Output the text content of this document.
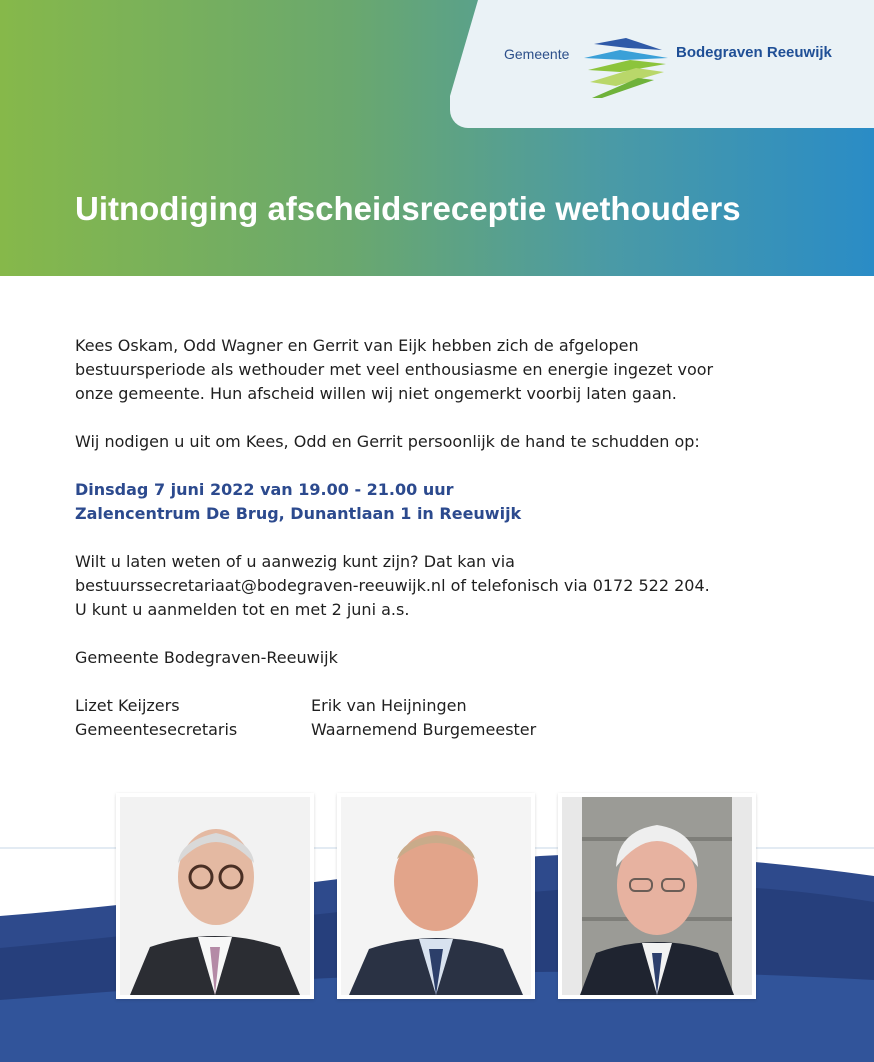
Gemeente	Bodegraven Reeuwijk
Uitnodiging afscheidsreceptie wethouders

Kees Oskam, Odd Wagner en Gerrit van Eijk hebben zich de afgelopen bestuursperiode als wethouder met veel enthousiasme en energie ingezet voor onze gemeente. Hun afscheid willen wij niet ongemerkt voorbij laten gaan.

Wij nodigen u uit om Kees, Odd en Gerrit persoonlijk de hand te schudden op:

Dinsdag 7 juni 2022 van 19.00 - 21.00 uur
Zalencentrum De Brug, Dunantlaan 1 in Reeuwijk

Wilt u laten weten of u aanwezig kunt zijn? Dat kan via
bestuurssecretariaat@bodegraven-reeuwijk.nl of telefonisch via 0172 522 204.
U kunt u aanmelden tot en met 2 juni a.s.

Gemeente Bodegraven-Reeuwijk

Lizet Keijzers
Gemeentesecretaris
Erik van Heijningen
Waarnemend Burgemeester
